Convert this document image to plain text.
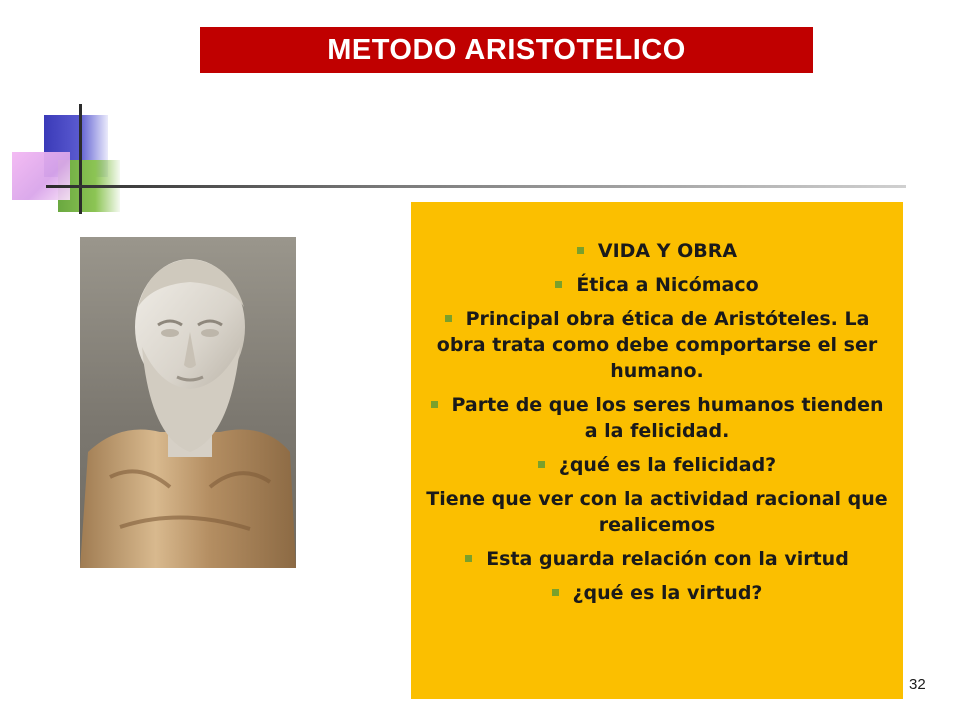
METODO ARISTOTELICO
VIDA Y OBRA
Ética a Nicómaco
Principal obra ética de Aristóteles. La obra trata como debe comportarse el ser humano.
Parte de que los seres humanos tienden a la felicidad.
¿qué es la felicidad?
Tiene que ver con la actividad racional que realicemos
Esta guarda relación con la virtud
¿qué es la virtud?
32
